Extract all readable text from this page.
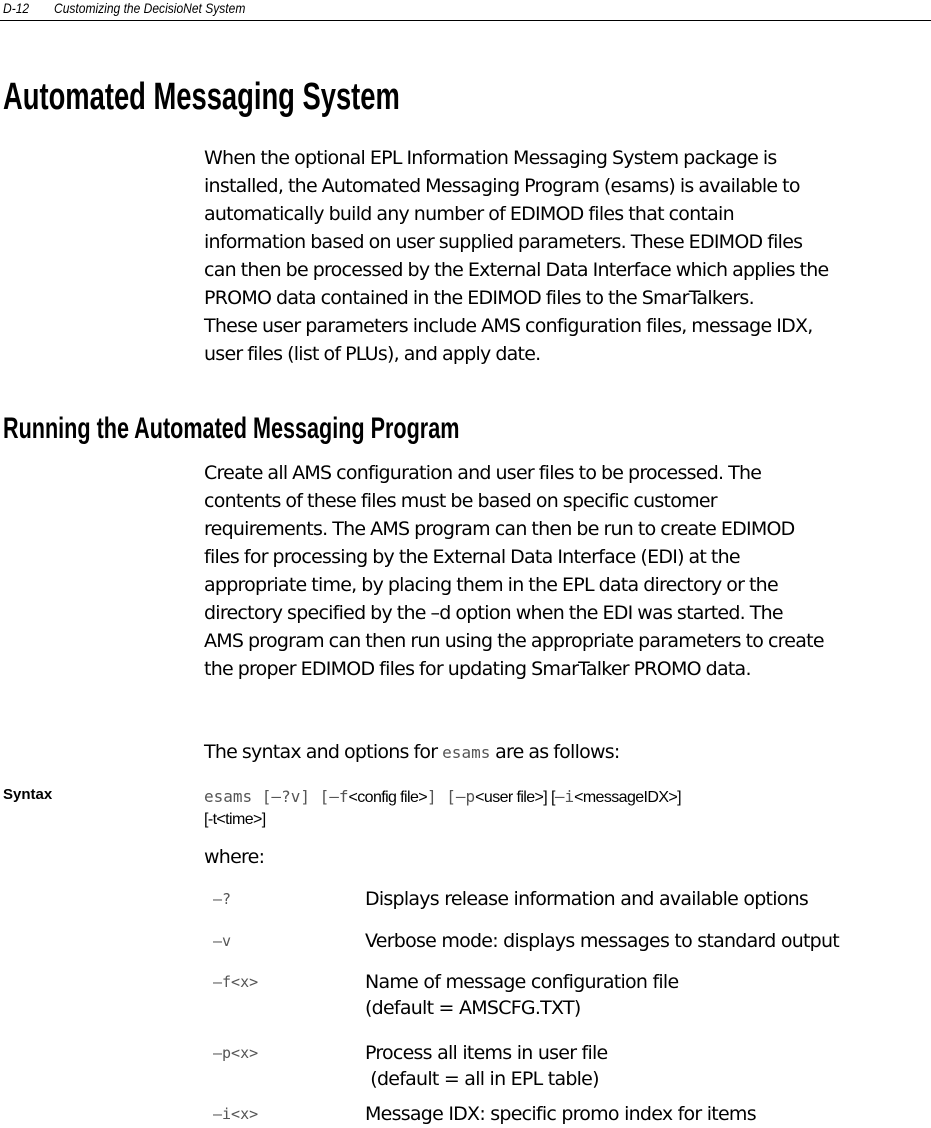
D-12 Customizing the DecisioNet System
Automated Messaging System
When the optional EPL Information Messaging System package is
installed, the Automated Messaging Program (esams) is available to
automatically build any number of EDIMOD files that contain
information based on user supplied parameters. These EDIMOD files
can then be processed by the External Data Interface which applies the
PROMO data contained in the EDIMOD files to the SmarTalkers.
These user parameters include AMS configuration files, message IDX,
user files (list of PLUs), and apply date.
Running the Automated Messaging Program
Create all AMS configuration and user files to be processed. The
contents of these files must be based on specific customer
requirements. The AMS program can then be run to create EDIMOD
files for processing by the External Data Interface (EDI) at the
appropriate time, by placing them in the EPL data directory or the
directory specified by the –d option when the EDI was started. The
AMS program can then run using the appropriate parameters to create
the proper EDIMOD files for updating SmarTalker PROMO data.
The syntax and options for esams are as follows:
Syntax	esams [–?v] [–f<config file>] [–p<user file>] [–i<messageIDX>]
[-t<time>]
where:
–?	Displays release information and available options
–v	Verbose mode: displays messages to standard output
–f<x>	Name of message configuration file
(default = AMSCFG.TXT)
–p<x>	Process all items in user file
(default = all in EPL table)
–i<x>	Message IDX: specific promo index for items
